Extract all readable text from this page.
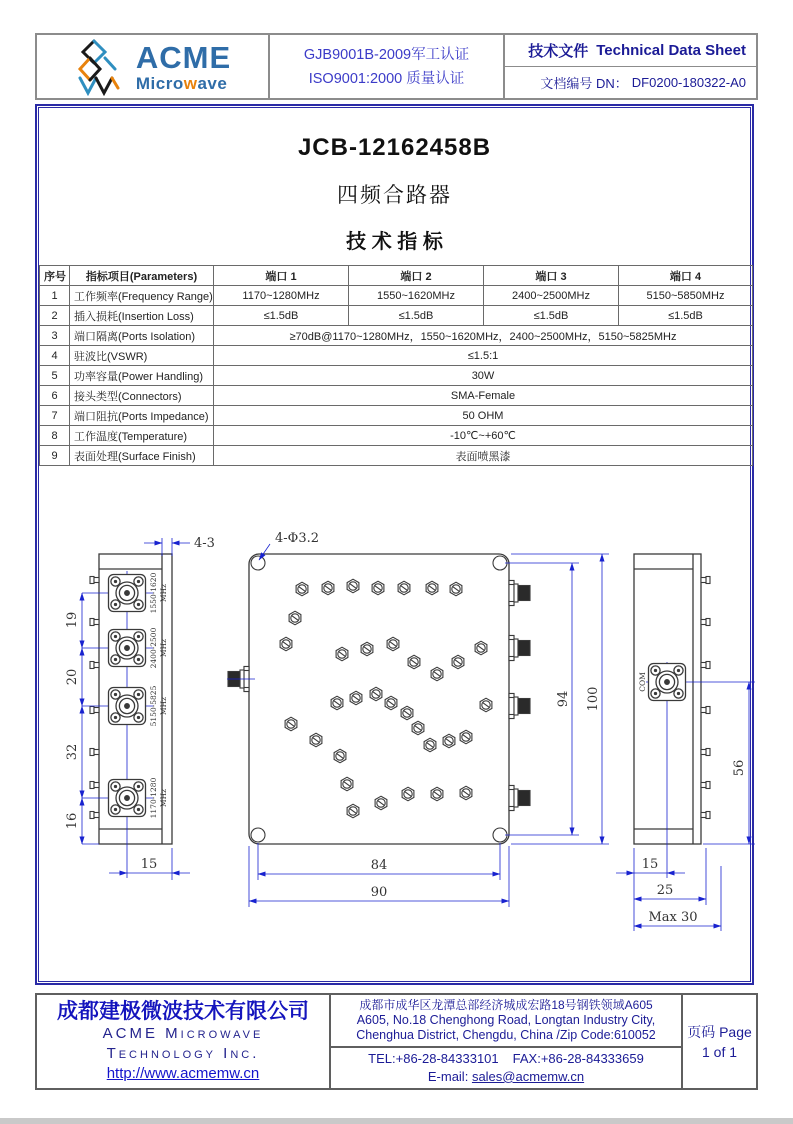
ACME
Microwave
GJB9001B-2009军工认证
ISO9001:2000 质量认证
技术文件 Technical Data Sheet
文档编号 DN： DF0200-180322-A0
JCB-12162458B
四频合路器
技 术 指 标
序号	指标项目(Parameters)	端口 1	端口 2	端口 3	端口 4
1	工作频率(Frequency Range)	1170~1280MHz	1550~1620MHz	2400~2500MHz	5150~5850MHz
2	插入损耗(Insertion Loss)	≤1.5dB	≤1.5dB	≤1.5dB	≤1.5dB
3	端口隔离(Ports Isolation)	≥70dB@1170~1280MHz，1550~1620MHz，2400~2500MHz，5150~5825MHz			
4	驻波比(VSWR)	≤1.5:1			
5	功率容量(Power Handling)	30W			
6	接头类型(Connectors)	SMA-Female			
7	端口阻抗(Ports Impedance)	50 OHM			
8	工作温度(Temperature)	-10℃~+60℃			
9	表面处理(Surface Finish)	表面喷黑漆			
4-3
19
20
32
16
15
1550-1620 MHz
2400-2500 MHz
5150-5825 MHz
1170-1280 MHz
4-Φ3.2
94 100
84
90
COM
56
15
25
Max 30
成都建极微波技术有限公司
ACME Microwave
Technology Inc.
http://www.acmemw.cn
成都市成华区龙潭总部经济城成宏路18号钢铁领域A605
A605, No.18 Chenghong Road, Longtan Industry City, Chenghua District, Chengdu, China /Zip Code:610052
TEL:+86-28-84333101 FAX:+86-28-84333659
E-mail: sales@acmemw.cn
页码 Page
1 of 1
